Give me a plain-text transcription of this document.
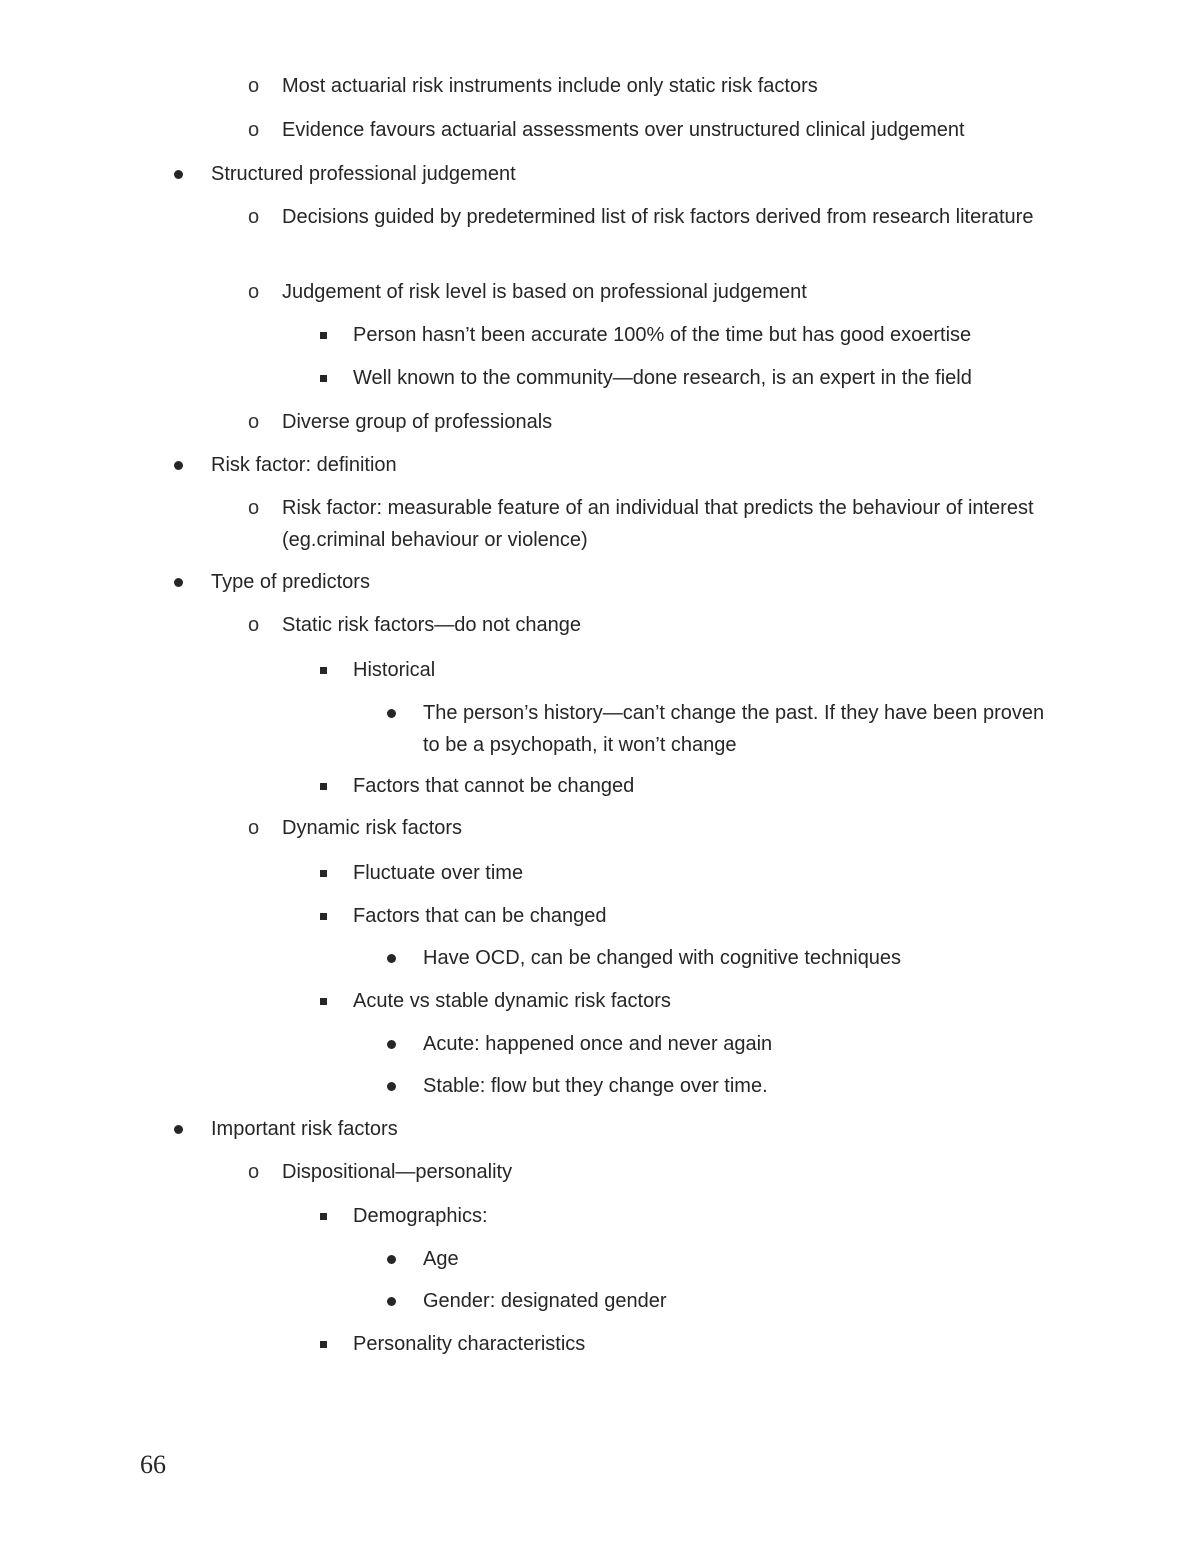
o Most actuarial risk instruments include only static risk factors
o Evidence favours actuarial assessments over unstructured clinical judgement
Structured professional judgement
o Decisions guided by predetermined list of risk factors derived from research literature
o Judgement of risk level is based on professional judgement
Person hasn’t been accurate 100% of the time but has good exoertise
Well known to the community—done research, is an expert in the field
o Diverse group of professionals
Risk factor: definition
o Risk factor: measurable feature of an individual that predicts the behaviour of interest (eg.criminal behaviour or violence)
Type of predictors
o Static risk factors—do not change
Historical
The person’s history—can’t change the past. If they have been proven to be a psychopath, it won’t change
Factors that cannot be changed
o Dynamic risk factors
Fluctuate over time
Factors that can be changed
Have OCD, can be changed with cognitive techniques
Acute vs stable dynamic risk factors
Acute: happened once and never again
Stable: flow but they change over time.
Important risk factors
o Dispositional—personality
Demographics:
Age
Gender: designated gender
Personality characteristics
66
